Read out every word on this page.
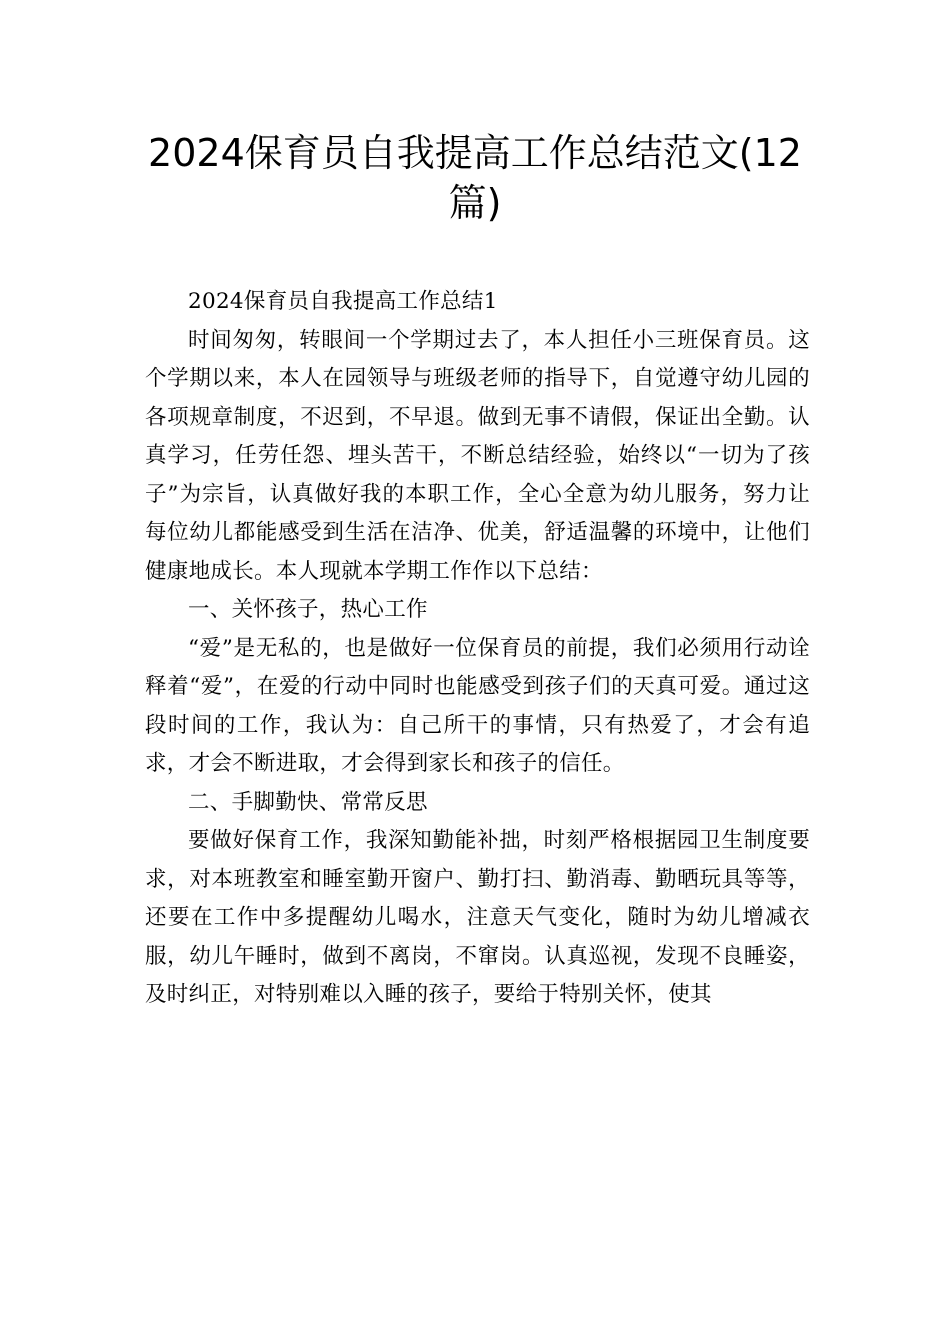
2024保育员自我提高工作总结范文(12篇)

2024保育员自我提高工作总结1

时间匆匆，转眼间一个学期过去了，本人担任小三班保育员。这个学期以来，本人在园领导与班级老师的指导下，自觉遵守幼儿园的各项规章制度，不迟到，不早退。做到无事不请假，保证出全勤。认真学习，任劳任怨、埋头苦干，不断总结经验，始终以“一切为了孩子”为宗旨，认真做好我的本职工作，全心全意为幼儿服务，努力让每位幼儿都能感受到生活在洁净、优美，舒适温馨的环境中，让他们健康地成长。本人现就本学期工作作以下总结：

一、关怀孩子，热心工作

“爱”是无私的，也是做好一位保育员的前提，我们必须用行动诠释着“爱”，在爱的行动中同时也能感受到孩子们的天真可爱。通过这段时间的工作，我认为：自己所干的事情，只有热爱了，才会有追求，才会不断进取，才会得到家长和孩子的信任。

二、手脚勤快、常常反思

要做好保育工作，我深知勤能补拙，时刻严格根据园卫生制度要求，对本班教室和睡室勤开窗户、勤打扫、勤消毒、勤晒玩具等等，还要在工作中多提醒幼儿喝水，注意天气变化，随时为幼儿增减衣服，幼儿午睡时，做到不离岗，不窜岗。认真巡视，发现不良睡姿，及时纠正，对特别难以入睡的孩子，要给于特别关怀，使其
